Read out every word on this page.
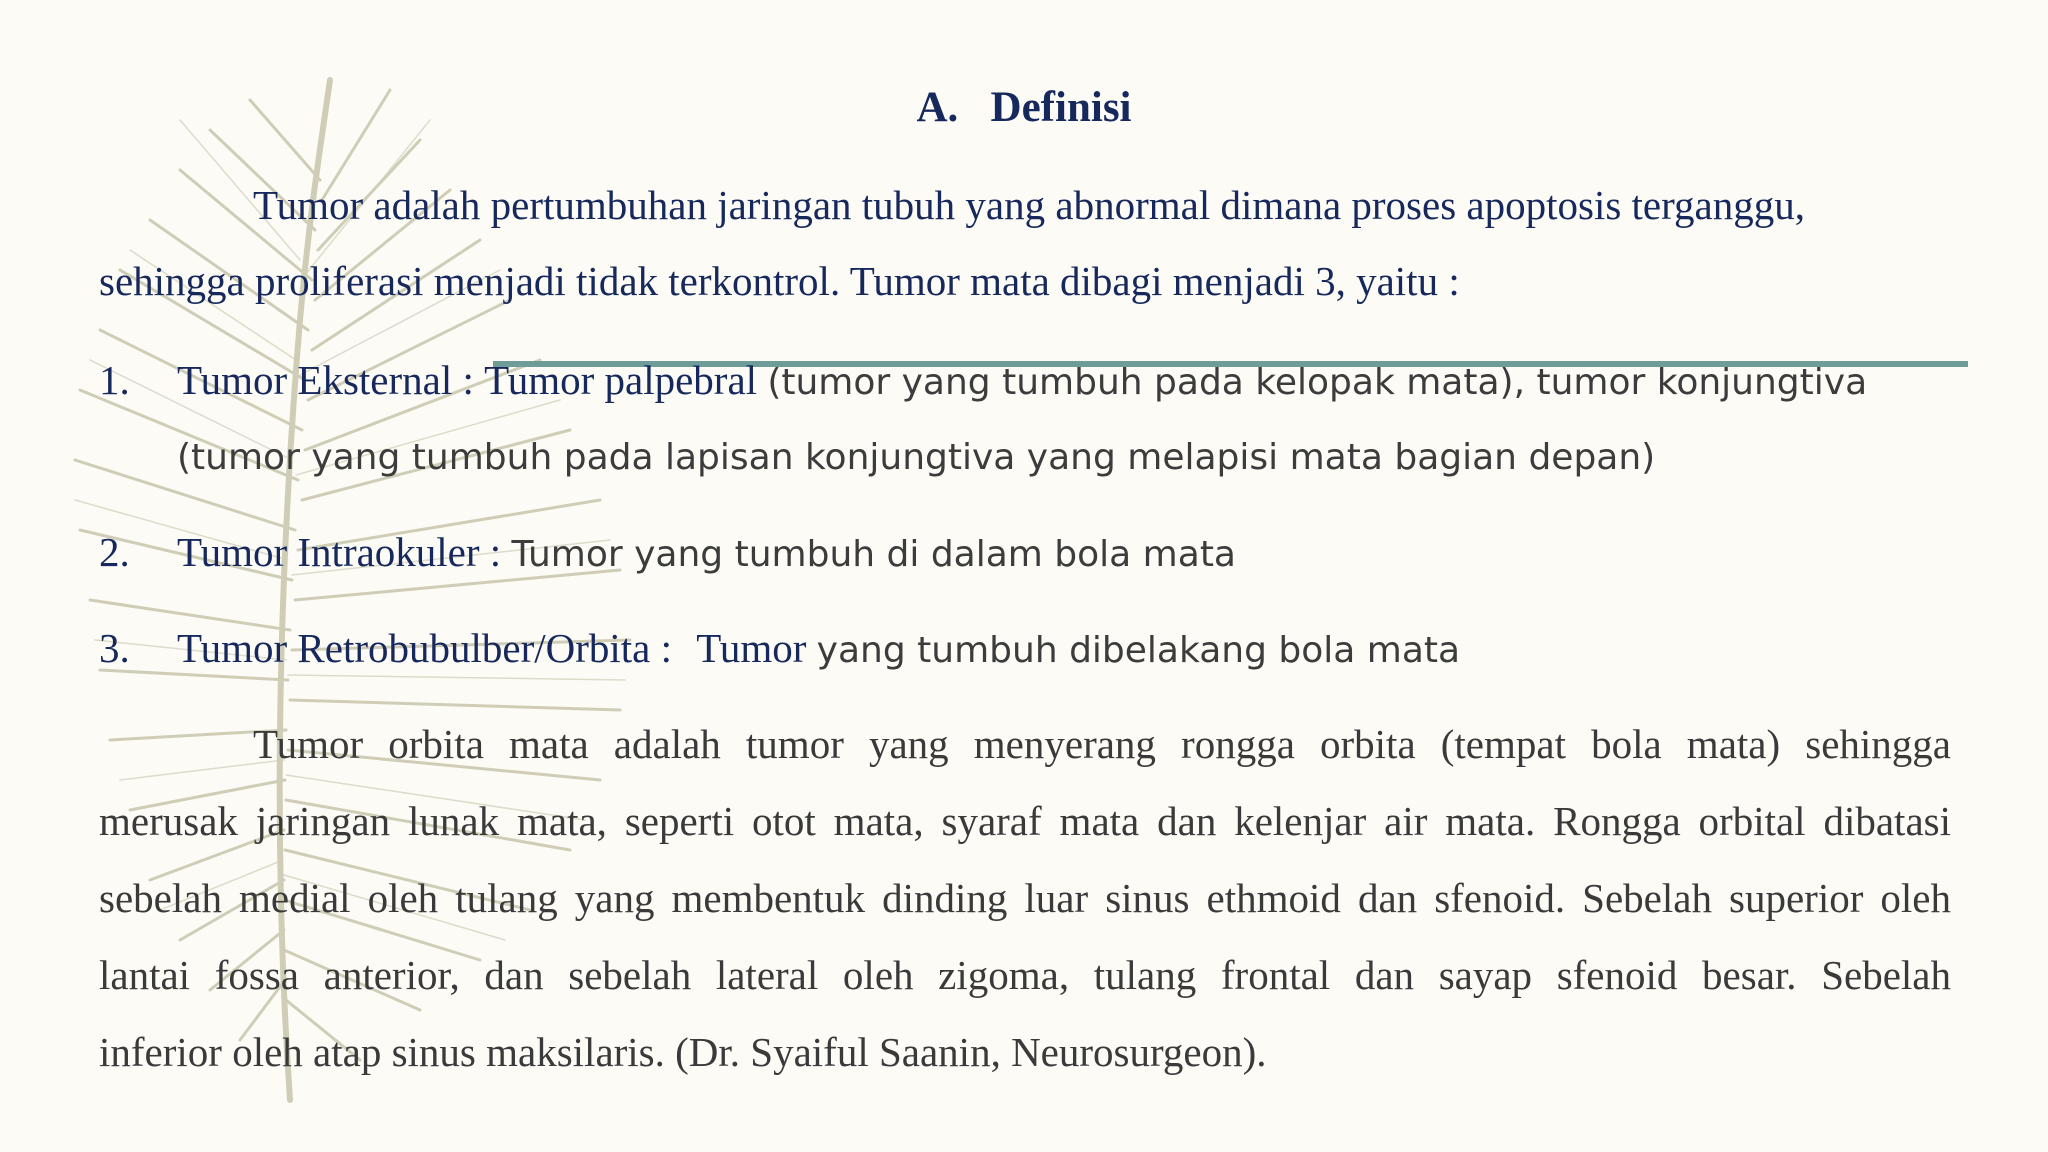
A. Definisi
Tumor adalah pertumbuhan jaringan tubuh yang abnormal dimana proses apoptosis terganggu,
sehingga proliferasi menjadi tidak terkontrol. Tumor mata dibagi menjadi 3, yaitu :
1. Tumor Eksternal : Tumor palpebral (tumor yang tumbuh pada kelopak mata), tumor konjungtiva
(tumor yang tumbuh pada lapisan konjungtiva yang melapisi mata bagian depan)
2. Tumor Intraokuler : Tumor yang tumbuh di dalam bola mata
3. Tumor Retrobubulber/Orbita : Tumor yang tumbuh dibelakang bola mata
Tumor orbita mata adalah tumor yang menyerang rongga orbita (tempat bola mata) sehingga
merusak jaringan lunak mata, seperti otot mata, syaraf mata dan kelenjar air mata. Rongga orbital dibatasi
sebelah medial oleh tulang yang membentuk dinding luar sinus ethmoid dan sfenoid. Sebelah superior oleh
lantai fossa anterior, dan sebelah lateral oleh zigoma, tulang frontal dan sayap sfenoid besar. Sebelah
inferior oleh atap sinus maksilaris. (Dr. Syaiful Saanin, Neurosurgeon).
